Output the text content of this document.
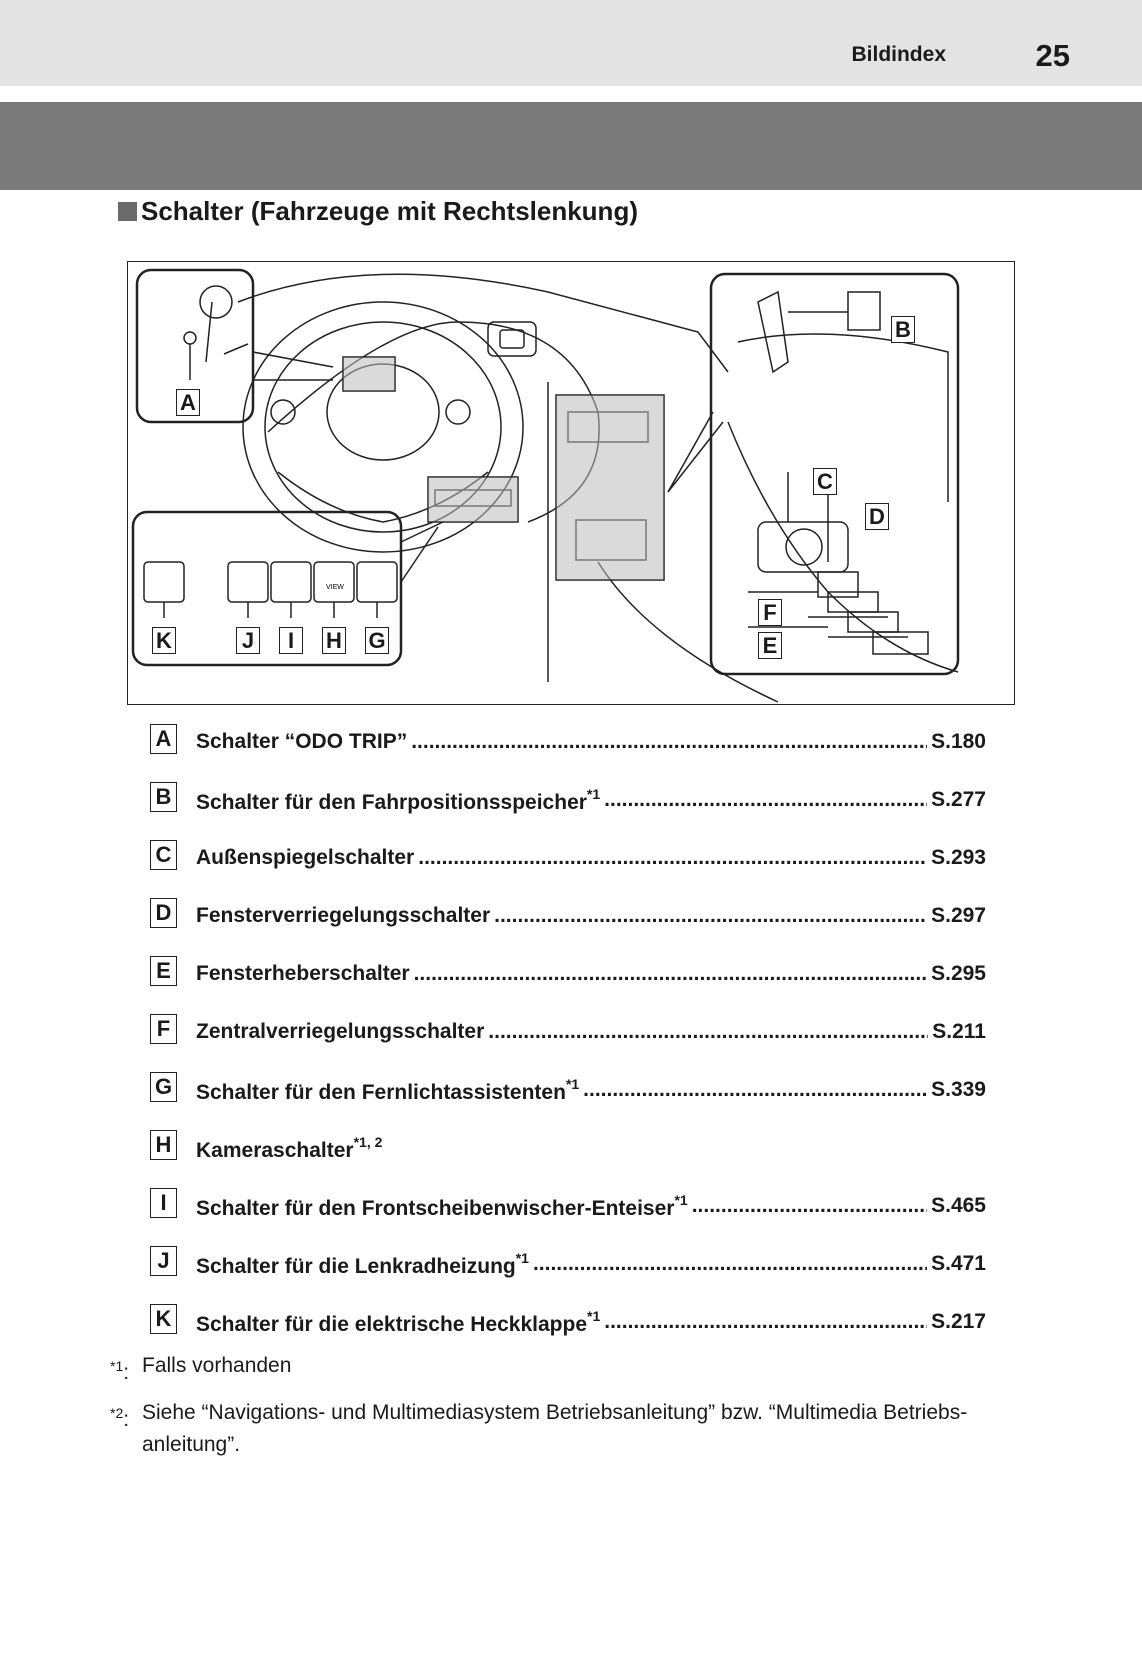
Bildindex	25
Schalter (Fahrzeuge mit Rechtslenkung)
VIEW
A
B
C
D
E
F
G
H
I
J
K
A Schalter “ODO TRIP” .....	S.180
B Schalter für den Fahrpositionsspeicher$^{*1}$ .....	S.277
C Außenspiegelschalter .....	S.293
D Fensterverriegelungsschalter .....	S.297
E Fensterheberschalter .....	S.295
F	Zentralverriegelungsschalter .....	S.211
G Schalter für den Fernlichtassistenten$^{*1}$ .....	S.339
H Kameraschalter$^{*1, 2}$
I	Schalter für den Frontscheibenwischer-Enteiser$^{*1}$ .....	S.465
J	Schalter für die Lenkradheizung$^{*1}$ .....	S.471
K Schalter für die elektrische Heckklappe$^{*1}$ .....	S.217
$^{*1}$: Falls vorhanden
$^{*2}$: Siehe “Navigations- und Multimediasystem Betriebsanleitung” bzw. “Multimedia Betriebs-anleitung”.
